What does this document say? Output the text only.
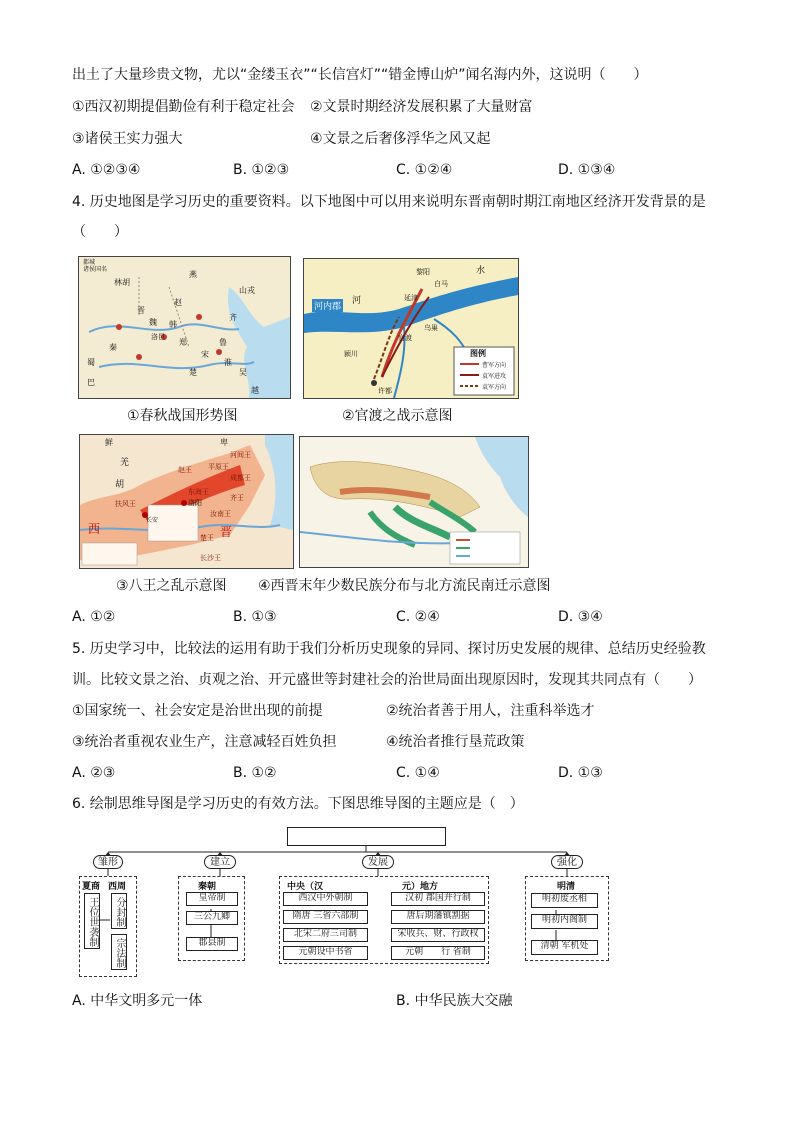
出土了大量珍贵文物，尤以“金缕玉衣”“长信宫灯”“错金博山炉”闻名海内外，这说明（　　）
①西汉初期提倡勤俭有利于稳定社会 ②文景时期经济发展积累了大量财富
③诸侯王实力强大	④文景之后奢侈浮华之风又起
A. ①②③④	B. ①②③	C. ①②④	D. ①③④
4. 历史地图是学习历史的重要资料。以下地图中可以用来说明东晋南朝时期江南地区经济开发背景的是
（　　）
都城
诸侯国名
林胡
燕
赵
秦
齐
鲁
楚
韩
魏
洛邑
晋
宋
郑
吴
越
巴
蜀
山戎
淮
①春秋战国形势图
黎阳
白马
河内郡
河
水
延津
乌巢
官渡
许都
颍川	图例
曹军方向
袁军进攻
袁军方向
②官渡之战示意图
鲜	卑
羌
胡
赵王
河间王
平原王
成都王
东海王
齐王
扶风王	洛阳
西	晋
长安
汝南王
楚王
长沙王
③八王之乱示意图 ④西晋末年少数民族分布与北方流民南迁示意图
A. ①②	B. ①③	C. ②④	D. ③④
5. 历史学习中，比较法的运用有助于我们分析历史现象的异同、探讨历史发展的规律、总结历史经验教
训。比较文景之治、贞观之治、开元盛世等封建社会的治世局面出现原因时，发现其共同点有（　　）
①国家统一、社会安定是治世出现的前提	②统治者善于用人，注重科举选才
③统治者重视农业生产，注意减轻百姓负担	④统治者推行垦荒政策
A. ②③	B. ①②	C. ①④	D. ①③
6. 绘制思维导图是学习历史的有效方法。下图思维导图的主题应是（　）
雏形	建立	发展	强化
夏商 西周
王位世袭制	分封制
宗法制
秦朝
皇帝制
三公九卿
郡县制
中央（汉	元）地方
西汉中外朝制
隋唐 三省六部制
北宋二府三司制
元朝设中书省
汉初 郡国并行制
唐后期藩镇割据
宋收兵、财、行政权
元朝　　行 省制
明清
明初废丞相
明初内阁制
清朝 军机处
A. 中华文明多元一体	B. 中华民族大交融
